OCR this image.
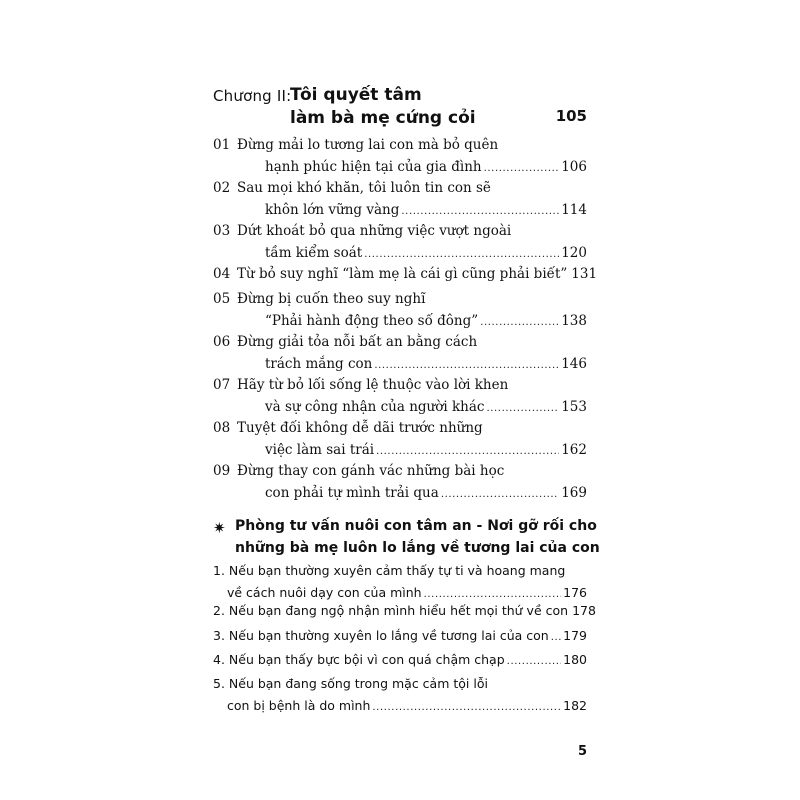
Chương II:
Tôi quyết tâm
làm bà mẹ cứng cỏi	105
01 Đừng mải lo tương lai con mà bỏ quên
hạnh phúc hiện tại của gia đình .....	106
02 Sau mọi khó khăn, tôi luôn tin con sẽ
khôn lớn vững vàng .....	114
03 Dứt khoát bỏ qua những việc vượt ngoài
tầm kiểm soát .....	120
04 Từ bỏ suy nghĩ “làm mẹ là cái gì cũng phải biết” 131
05 Đừng bị cuốn theo suy nghĩ
“Phải hành động theo số đông” .....	138
06 Đừng giải tỏa nỗi bất an bằng cách
trách mắng con .....	146
07 Hãy từ bỏ lối sống lệ thuộc vào lời khen
và sự công nhận của người khác .....	153
08 Tuyệt đối không dễ dãi trước những
việc làm sai trái .....	162
09 Đừng thay con gánh vác những bài học
con phải tự mình trải qua .....	169
✷ Phòng tư vấn nuôi con tâm an - Nơi gỡ rối cho
những bà mẹ luôn lo lắng về tương lai của con
1. Nếu bạn thường xuyên cảm thấy tự ti và hoang mang
về cách nuôi dạy con của mình .....	176
2. Nếu bạn đang ngộ nhận mình hiểu hết mọi thứ về con 178
3. Nếu bạn thường xuyên lo lắng về tương lai của con ..... 179
4. Nếu bạn thấy bực bội vì con quá chậm chạp .....	180
5. Nếu bạn đang sống trong mặc cảm tội lỗi
con bị bệnh là do mình .....	182
5
